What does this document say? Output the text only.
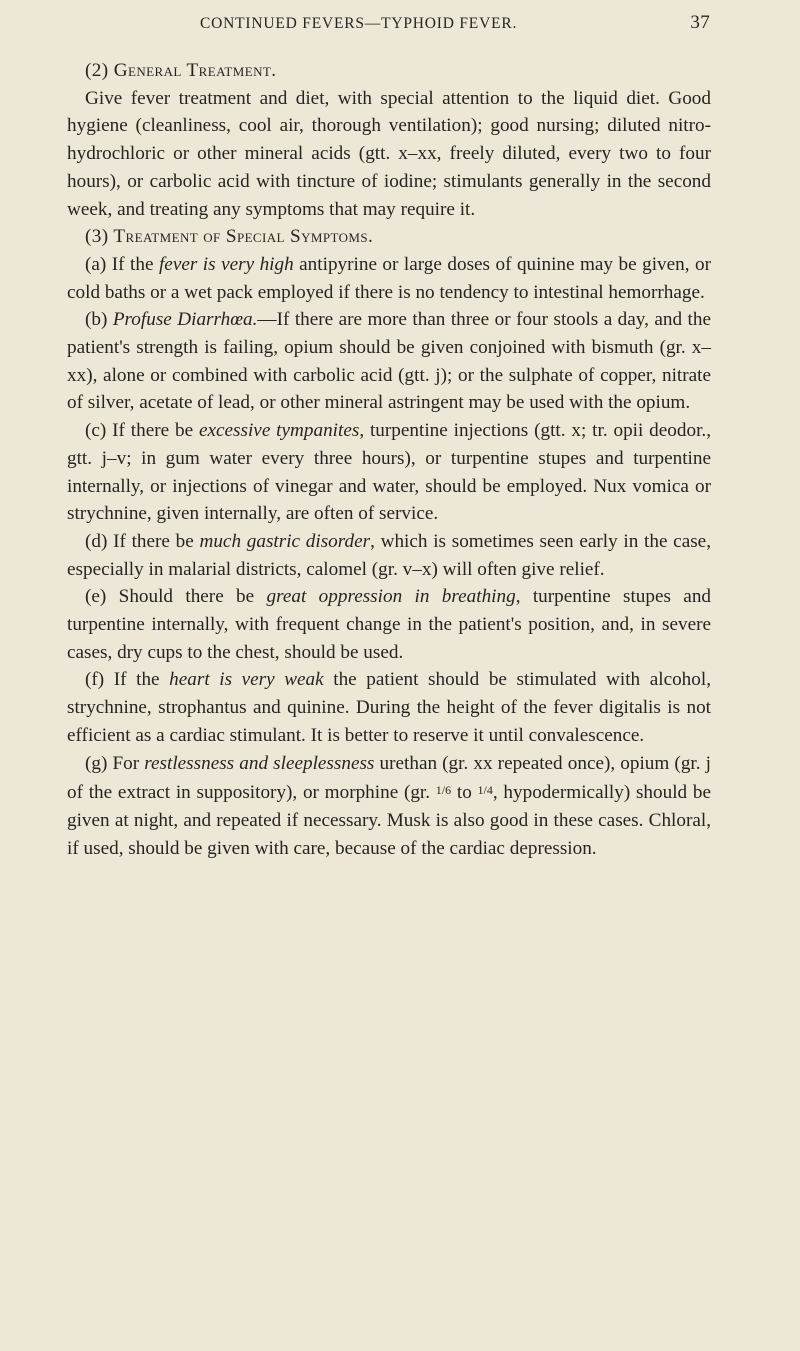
CONTINUED FEVERS—TYPHOID FEVER.	37

(2) General Treatment.

Give fever treatment and diet, with special attention to the liquid diet. Good hygiene (cleanliness, cool air, thorough ventilation); good nursing; diluted nitro-hydrochloric or other mineral acids (gtt. x–xx, freely diluted, every two to four hours), or carbolic acid with tincture of iodine; stimulants generally in the second week, and treating any symptoms that may require it.

(3) Treatment of Special Symptoms.

(a) If the fever is very high antipyrine or large doses of quinine may be given, or cold baths or a wet pack employed if there is no tendency to intestinal hemorrhage.

(b) Profuse Diarrhœa.—If there are more than three or four stools a day, and the patient's strength is failing, opium should be given conjoined with bismuth (gr. x–xx), alone or combined with carbolic acid (gtt. j); or the sulphate of copper, nitrate of silver, acetate of lead, or other mineral astringent may be used with the opium.

(c) If there be excessive tympanites, turpentine injections (gtt. x; tr. opii deodor., gtt. j–v; in gum water every three hours), or turpentine stupes and turpentine internally, or injections of vinegar and water, should be employed. Nux vomica or strychnine, given internally, are often of service.

(d) If there be much gastric disorder, which is sometimes seen early in the case, especially in malarial districts, calomel (gr. v–x) will often give relief.

(e) Should there be great oppression in breathing, turpentine stupes and turpentine internally, with frequent change in the patient's position, and, in severe cases, dry cups to the chest, should be used.

(f) If the heart is very weak the patient should be stimulated with alcohol, strychnine, strophantus and quinine. During the height of the fever digitalis is not efficient as a cardiac stimulant. It is better to reserve it until convalescence.

(g) For restlessness and sleeplessness urethan (gr. xx repeated once), opium (gr. j of the extract in suppository), or morphine (gr. $^{1/6}$ to $^{1/4}$, hypodermically) should be given at night, and repeated if necessary. Musk is also good in these cases. Chloral, if used, should be given with care, because of the cardiac depression.
